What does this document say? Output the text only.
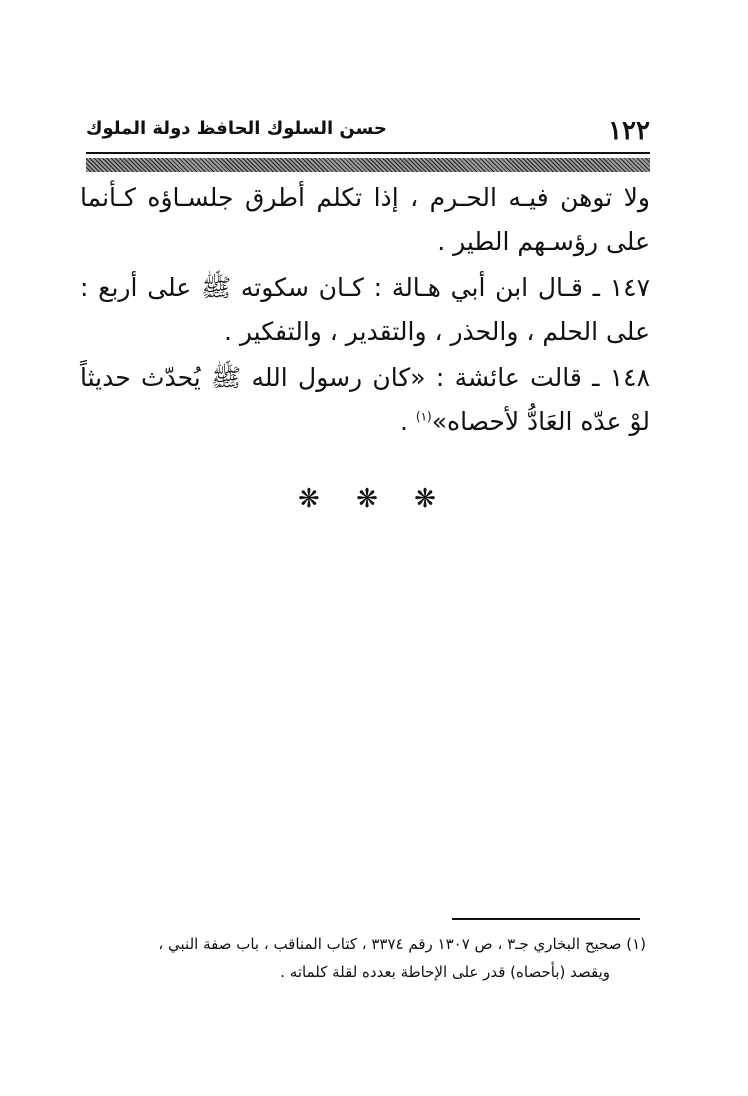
حسن السلوك الحافظ دولة الملوك	١٢٢

ولا توهن فيـه الحـرم ، إذا تكلم أطرق جلسـاؤه كـأنما على رؤسـهم الطير .

١٤٧ ـ قـال ابن أبي هـالة : كـان سكوته ﷺ على أربع : على الحلم ، والحذر ، والتقدير ، والتفكير .

١٤٨ ـ قالت عائشة : «كان رسول الله ﷺ يُحدّث حديثاً لوْ عدّه العَادُّ لأحصاه»$^{(١)}$ .

❋ ❋ ❋

(١) صحيح البخاري جـ٣ ، ص ١٣٠٧ رقم ٣٣٧٤ ، كتاب المناقب ، باب صفة النبي ،

ويقصد (بأحصاه) قدر على الإحاطة بعدده لقلة كلماته .
